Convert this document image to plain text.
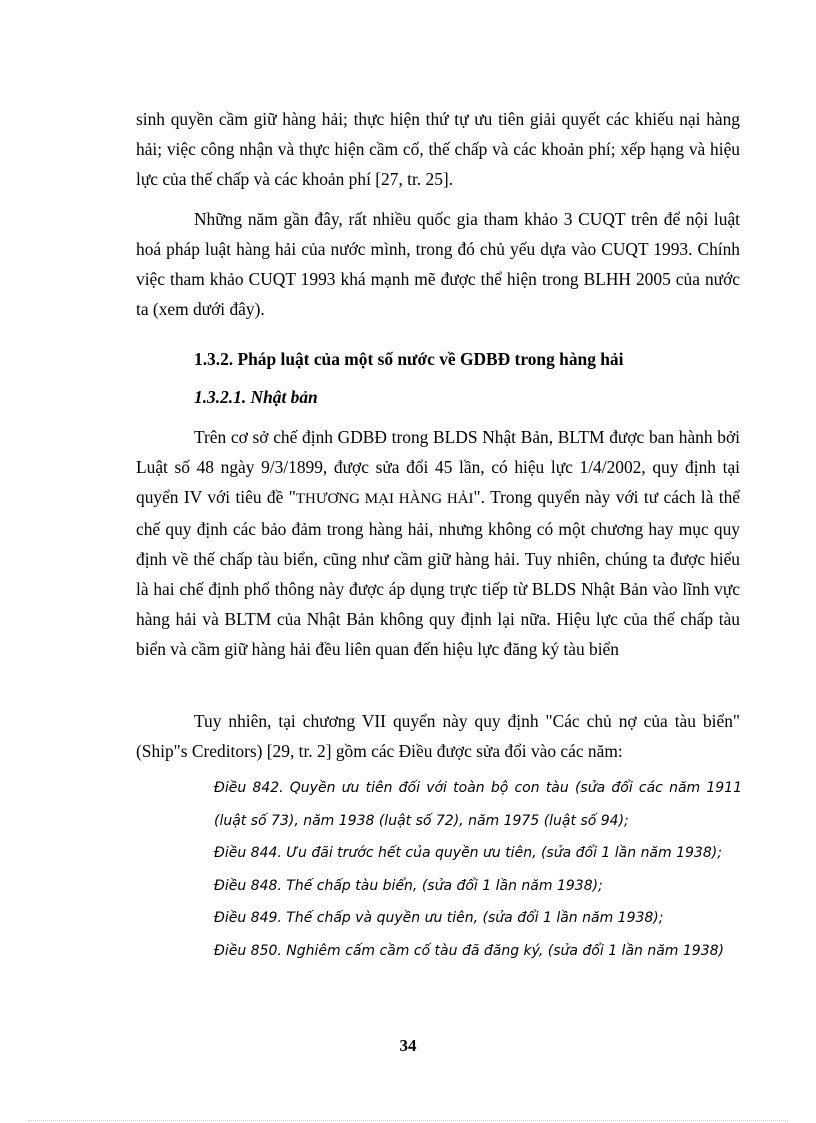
sinh quyền cầm giữ hàng hải; thực hiện thứ tự ưu tiên giải quyết các khiếu nại hàng hải; việc công nhận và thực hiện cầm cố, thế chấp và các khoản phí; xếp hạng và hiệu lực của thế chấp và các khoản phí [27, tr. 25].

Những năm gần đây, rất nhiều quốc gia tham khảo 3 CUQT trên để nội luật hoá pháp luật hàng hải của nước mình, trong đó chủ yếu dựa vào CUQT 1993. Chính việc tham khảo CUQT 1993 khá mạnh mẽ được thể hiện trong BLHH 2005 của nước ta (xem dưới đây).

1.3.2. Pháp luật của một số nước về GDBĐ trong hàng hải

1.3.2.1. Nhật bản

Trên cơ sở chế định GDBĐ trong BLDS Nhật Bản, BLTM được ban hành bởi Luật số 48 ngày 9/3/1899, được sửa đổi 45 lần, có hiệu lực 1/4/2002, quy định tại quyển IV với tiêu đề "THƯƠNG MẠI HÀNG HẢI". Trong quyển này với tư cách là thể chế quy định các bảo đảm trong hàng hải, nhưng không có một chương hay mục quy định về thế chấp tàu biển, cũng như cầm giữ hàng hải. Tuy nhiên, chúng ta được hiểu là hai chế định phổ thông này được áp dụng trực tiếp từ BLDS Nhật Bản vào lĩnh vực hàng hải và BLTM của Nhật Bản không quy định lại nữa. Hiệu lực của thế chấp tàu biển và cầm giữ hàng hải đều liên quan đến hiệu lực đăng ký tàu biển

Tuy nhiên, tại chương VII quyển này quy định "Các chủ nợ của tàu biển" (Ship"s Creditors) [29, tr. 2] gồm các Điều được sửa đổi vào các năm:

Điều 842. Quyền ưu tiên đối với toàn bộ con tàu (sửa đổi các năm 1911 (luật số 73), năm 1938 (luật số 72), năm 1975 (luật số 94);
Điều 844. Ưu đãi trước hết của quyền ưu tiên, (sửa đổi 1 lần năm 1938);
Điều 848. Thế chấp tàu biển, (sửa đổi 1 lần năm 1938);
Điều 849. Thế chấp và quyền ưu tiên, (sửa đổi 1 lần năm 1938);
Điều 850. Nghiêm cấm cầm cố tàu đã đăng ký, (sửa đổi 1 lần năm 1938)

34
